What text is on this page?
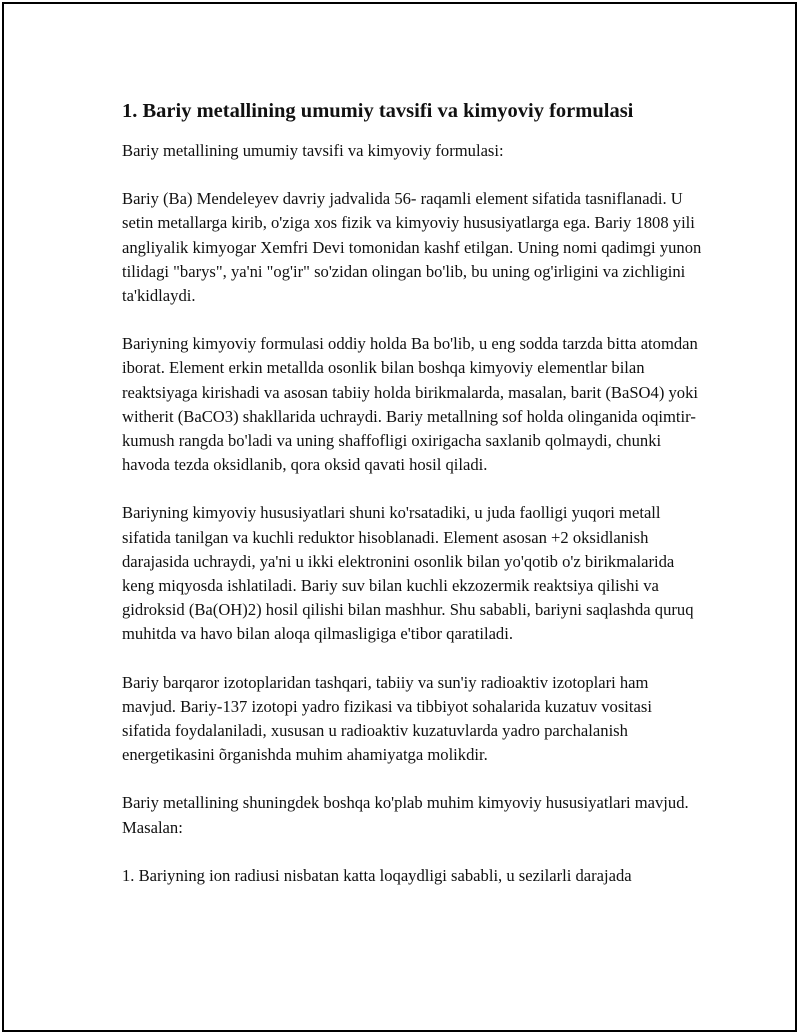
1. Bariy metallining umumiy tavsifi va kimyoviy formulasi

Bariy metallining umumiy tavsifi va kimyoviy formulasi:

Bariy (Ba) Mendeleyev davriy jadvalida 56- raqamli element sifatida tasniflanadi. U setin metallarga kirib, o'ziga xos fizik va kimyoviy hususiyatlarga ega. Bariy 1808 yili angliyalik kimyogar Xemfri Devi tomonidan kashf etilgan. Uning nomi qadimgi yunon tilidagi "barys", ya'ni "og'ir" so'zidan olingan bo'lib, bu uning og'irligini va zichligini ta'kidlaydi.

Bariyning kimyoviy formulasi oddiy holda Ba bo'lib, u eng sodda tarzda bitta atomdan iborat. Element erkin metallda osonlik bilan boshqa kimyoviy elementlar bilan reaktsiyaga kirishadi va asosan tabiiy holda birikmalarda, masalan, barit (BaSO4) yoki witherit (BaCO3) shakllarida uchraydi. Bariy metallning sof holda olinganida oqimtir-kumush rangda bo'ladi va uning shaffofligi oxirigacha saxlanib qolmaydi, chunki havoda tezda oksidlanib, qora oksid qavati hosil qiladi.

Bariyning kimyoviy hususiyatlari shuni ko'rsatadiki, u juda faolligi yuqori metall sifatida tanilgan va kuchli reduktor hisoblanadi. Element asosan +2 oksidlanish darajasida uchraydi, ya'ni u ikki elektronini osonlik bilan yo'qotib o'z birikmalarida keng miqyosda ishlatiladi. Bariy suv bilan kuchli ekzozermik reaktsiya qilishi va gidroksid (Ba(OH)2) hosil qilishi bilan mashhur. Shu sababli, bariyni saqlashda quruq muhitda va havo bilan aloqa qilmasligiga e'tibor qaratiladi.

Bariy barqaror izotoplaridan tashqari, tabiiy va sun'iy radioaktiv izotoplari ham mavjud. Bariy-137 izotopi yadro fizikasi va tibbiyot sohalarida kuzatuv vositasi sifatida foydalaniladi, xususan u radioaktiv kuzatuvlarda yadro parchalanish energetikasini õrganishda muhim ahamiyatga molikdir.

Bariy metallining shuningdek boshqa ko'plab muhim kimyoviy hususiyatlari mavjud. Masalan:

1. Bariyning ion radiusi nisbatan katta loqaydligi sababli, u sezilarli darajada
